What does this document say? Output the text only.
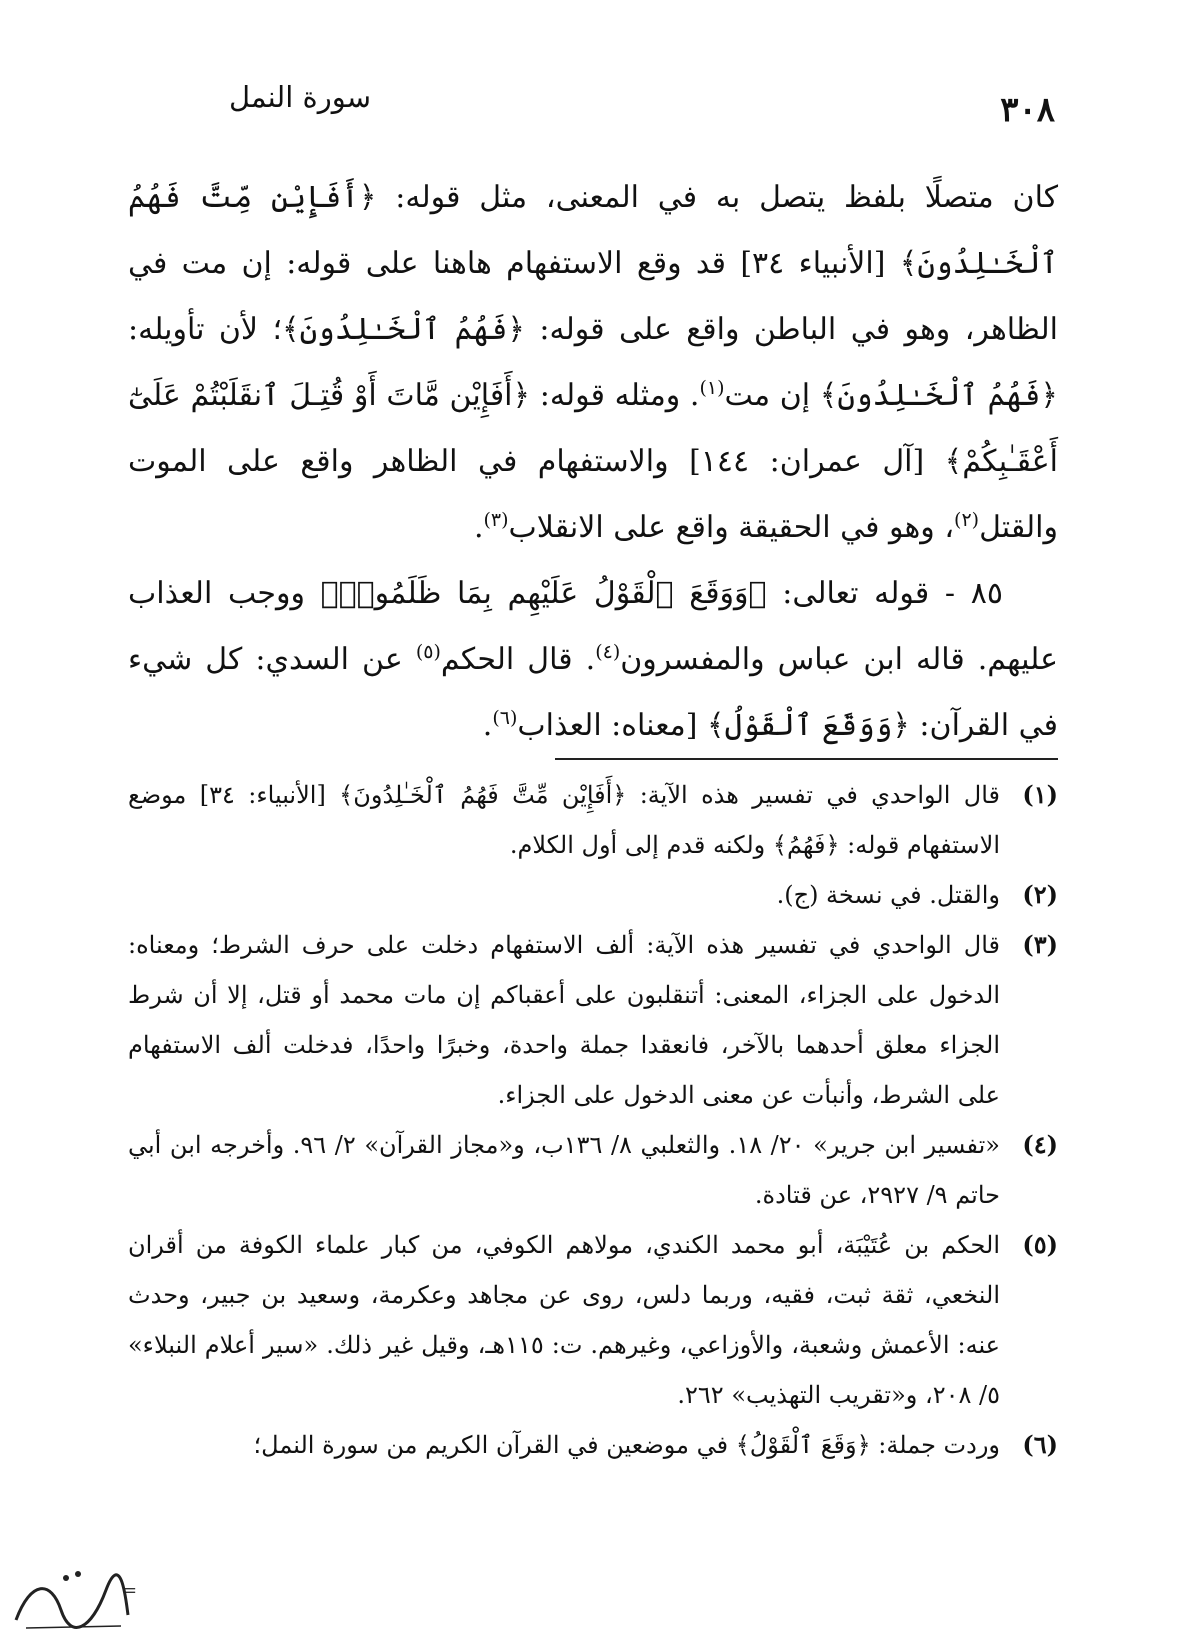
٣٠٨
سورة النمل

كان متصلًا بلفظ يتصل به في المعنى، مثل قوله: ﴿أَفَإِيْن مِّتَّ فَهُمُ ٱلْخَـٰلِدُونَ﴾ [الأنبياء ٣٤] قد وقع الاستفهام هاهنا على قوله: إن مت في الظاهر، وهو في الباطن واقع على قوله: ﴿فَهُمُ ٱلْخَـٰلِدُونَ﴾؛ لأن تأويله: ﴿فَهُمُ ٱلْخَـٰلِدُونَ﴾ إن مت$^{(١)}$. ومثله قوله: ﴿أَفَإِيْن مَّاتَ أَوْ قُتِـلَ ٱنقَلَبْتُمْ عَلَىٰٓ أَعْقَـٰبِكُمْ﴾ [آل عمران: ١٤٤] والاستفهام في الظاهر واقع على الموت والقتل$^{(٢)}$، وهو في الحقيقة واقع على الانقلاب$^{(٣)}$.

٨٥ - قوله تعالى: ﴿وَوَقَعَ ٱلْقَوْلُ عَلَيْهِم بِمَا ظَلَمُوا۟﴾ ووجب العذاب عليهم. قاله ابن عباس والمفسرون$^{(٤)}$. قال الحكم$^{(٥)}$ عن السدي: كل شيء في القرآن: ﴿وَوَقَعَ ٱلْقَوْلُ﴾ [معناه: العذاب$^{(٦)}$.

(١)
قال الواحدي في تفسير هذه الآية: ﴿أَفَإِيْن مِّتَّ فَهُمُ ٱلْخَـٰلِدُونَ﴾ [الأنبياء: ٣٤] موضع الاستفهام قوله: ﴿فَهُمُ﴾ ولكنه قدم إلى أول الكلام.
(٢)
والقتل. في نسخة (ج).
(٣)
قال الواحدي في تفسير هذه الآية: ألف الاستفهام دخلت على حرف الشرط؛ ومعناه: الدخول على الجزاء، المعنى: أتنقلبون على أعقباكم إن مات محمد أو قتل، إلا أن شرط الجزاء معلق أحدهما بالآخر، فانعقدا جملة واحدة، وخبرًا واحدًا، فدخلت ألف الاستفهام على الشرط، وأنبأت عن معنى الدخول على الجزاء.
(٤)
«تفسير ابن جرير» ٢٠/ ١٨. والثعلبي ٨/ ١٣٦ب، و«مجاز القرآن» ٢/ ٩٦. وأخرجه ابن أبي حاتم ٩/ ٢٩٢٧، عن قتادة.
(٥)
الحكم بن عُتَيْبَة، أبو محمد الكندي، مولاهم الكوفي، من كبار علماء الكوفة من أقران النخعي، ثقة ثبت، فقيه، وربما دلس، روى عن مجاهد وعكرمة، وسعيد بن جبير، وحدث عنه: الأعمش وشعبة، والأوزاعي، وغيرهم. ت: ١١٥هـ، وقيل غير ذلك. «سير أعلام النبلاء» ٥/ ٢٠٨، و«تقريب التهذيب» ٢٦٢.
(٦)
وردت جملة: ﴿وَقَعَ ٱلْقَوْلُ﴾ في موضعين في القرآن الكريم من سورة النمل؛
=
